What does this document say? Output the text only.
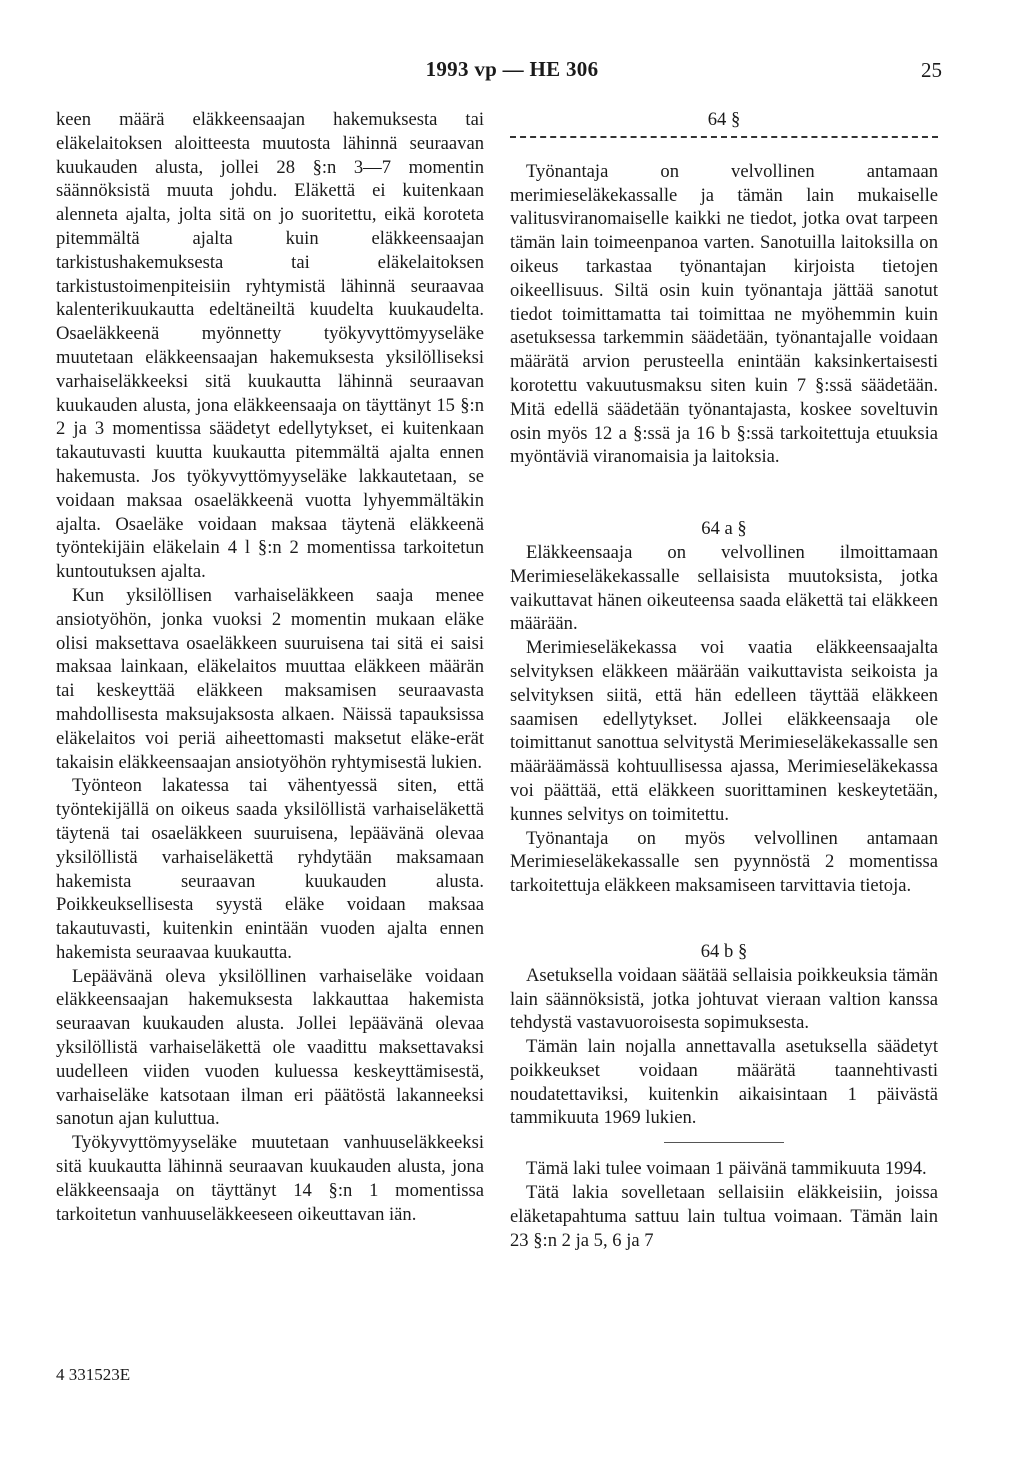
1993 vp — HE 306	25

keen määrä eläkkeensaajan hakemuksesta tai eläkelaitoksen aloitteesta muutosta lähinnä seuraavan kuukauden alusta, jollei 28 §:n 3—7 momentin säännöksistä muuta johdu. Eläkettä ei kuitenkaan alenneta ajalta, jolta sitä on jo suoritettu, eikä koroteta pitemmältä ajalta kuin eläkkeensaajan tarkistushakemuksesta tai eläkelaitoksen tarkistustoimenpiteisiin ryhtymistä lähinnä seuraavaa kalenterikuukautta edeltäneiltä kuudelta kuukaudelta. Osaeläkkeenä myönnetty työkyvyttömyyseläke muutetaan eläkkeensaajan hakemuksesta yksilölliseksi varhaiseläkkeeksi sitä kuukautta lähinnä seuraavan kuukauden alusta, jona eläkkeensaaja on täyttänyt 15 §:n 2 ja 3 momentissa säädetyt edellytykset, ei kuitenkaan takautuvasti kuutta kuukautta pitemmältä ajalta ennen hakemusta. Jos työkyvyttömyyseläke lakkautetaan, se voidaan maksaa osaeläkkeenä vuotta lyhyemmältäkin ajalta. Osaeläke voidaan maksaa täytenä eläkkeenä työntekijäin eläkelain 4 l §:n 2 momentissa tarkoitetun kuntoutuksen ajalta.

Kun yksilöllisen varhaiseläkkeen saaja menee ansiotyöhön, jonka vuoksi 2 momentin mukaan eläke olisi maksettava osaeläkkeen suuruisena tai sitä ei saisi maksaa lainkaan, eläkelaitos muuttaa eläkkeen määrän tai keskeyttää eläkkeen maksamisen seuraavasta mahdollisesta maksujaksosta alkaen. Näissä tapauksissa eläkelaitos voi periä aiheettomasti maksetut eläke-erät takaisin eläkkeensaajan ansiotyöhön ryhtymisestä lukien.

Työnteon lakatessa tai vähentyessä siten, että työntekijällä on oikeus saada yksilöllistä varhaiseläkettä täytenä tai osaeläkkeen suuruisena, lepäävänä olevaa yksilöllistä varhaiseläkettä ryhdytään maksamaan hakemista seuraavan kuukauden alusta. Poikkeuksellisesta syystä eläke voidaan maksaa takautuvasti, kuitenkin enintään vuoden ajalta ennen hakemista seuraavaa kuukautta.

Lepäävänä oleva yksilöllinen varhaiseläke voidaan eläkkeensaajan hakemuksesta lakkauttaa hakemista seuraavan kuukauden alusta. Jollei lepäävänä olevaa yksilöllistä varhaiseläkettä ole vaadittu maksettavaksi uudelleen viiden vuoden kuluessa keskeyttämisestä, varhaiseläke katsotaan ilman eri päätöstä lakanneeksi sanotun ajan kuluttua.

Työkyvyttömyyseläke muutetaan vanhuuseläkkeeksi sitä kuukautta lähinnä seuraavan kuukauden alusta, jona eläkkeensaaja on täyttänyt 14 §:n 1 momentissa tarkoitetun vanhuuseläkkeeseen oikeuttavan iän.

64 §

Työnantaja on velvollinen antamaan merimieseläkekassalle ja tämän lain mukaiselle valitusviranomaiselle kaikki ne tiedot, jotka ovat tarpeen tämän lain toimeenpanoa varten. Sanotuilla laitoksilla on oikeus tarkastaa työnantajan kirjoista tietojen oikeellisuus. Siltä osin kuin työnantaja jättää sanotut tiedot toimittamatta tai toimittaa ne myöhemmin kuin asetuksessa tarkemmin säädetään, työnantajalle voidaan määrätä arvion perusteella enintään kaksinkertaisesti korotettu vakuutusmaksu siten kuin 7 §:ssä säädetään. Mitä edellä säädetään työnantajasta, koskee soveltuvin osin myös 12 a §:ssä ja 16 b §:ssä tarkoitettuja etuuksia myöntäviä viranomaisia ja laitoksia.

64 a §

Eläkkeensaaja on velvollinen ilmoittamaan Merimieseläkekassalle sellaisista muutoksista, jotka vaikuttavat hänen oikeuteensa saada eläkettä tai eläkkeen määrään.

Merimieseläkekassa voi vaatia eläkkeensaajalta selvityksen eläkkeen määrään vaikuttavista seikoista ja selvityksen siitä, että hän edelleen täyttää eläkkeen saamisen edellytykset. Jollei eläkkeensaaja ole toimittanut sanottua selvitystä Merimieseläkekassalle sen määräämässä kohtuullisessa ajassa, Merimieseläkekassa voi päättää, että eläkkeen suorittaminen keskeytetään, kunnes selvitys on toimitettu.

Työnantaja on myös velvollinen antamaan Merimieseläkekassalle sen pyynnöstä 2 momentissa tarkoitettuja eläkkeen maksamiseen tarvittavia tietoja.

64 b §

Asetuksella voidaan säätää sellaisia poikkeuksia tämän lain säännöksistä, jotka johtuvat vieraan valtion kanssa tehdystä vastavuoroisesta sopimuksesta.

Tämän lain nojalla annettavalla asetuksella säädetyt poikkeukset voidaan määrätä taannehtivasti noudatettaviksi, kuitenkin aikaisintaan 1 päivästä tammikuuta 1969 lukien.

Tämä laki tulee voimaan 1 päivänä tammikuuta 1994.

Tätä lakia sovelletaan sellaisiin eläkkeisiin, joissa eläketapahtuma sattuu lain tultua voimaan. Tämän lain 23 §:n 2 ja 5, 6 ja 7

4 331523E
